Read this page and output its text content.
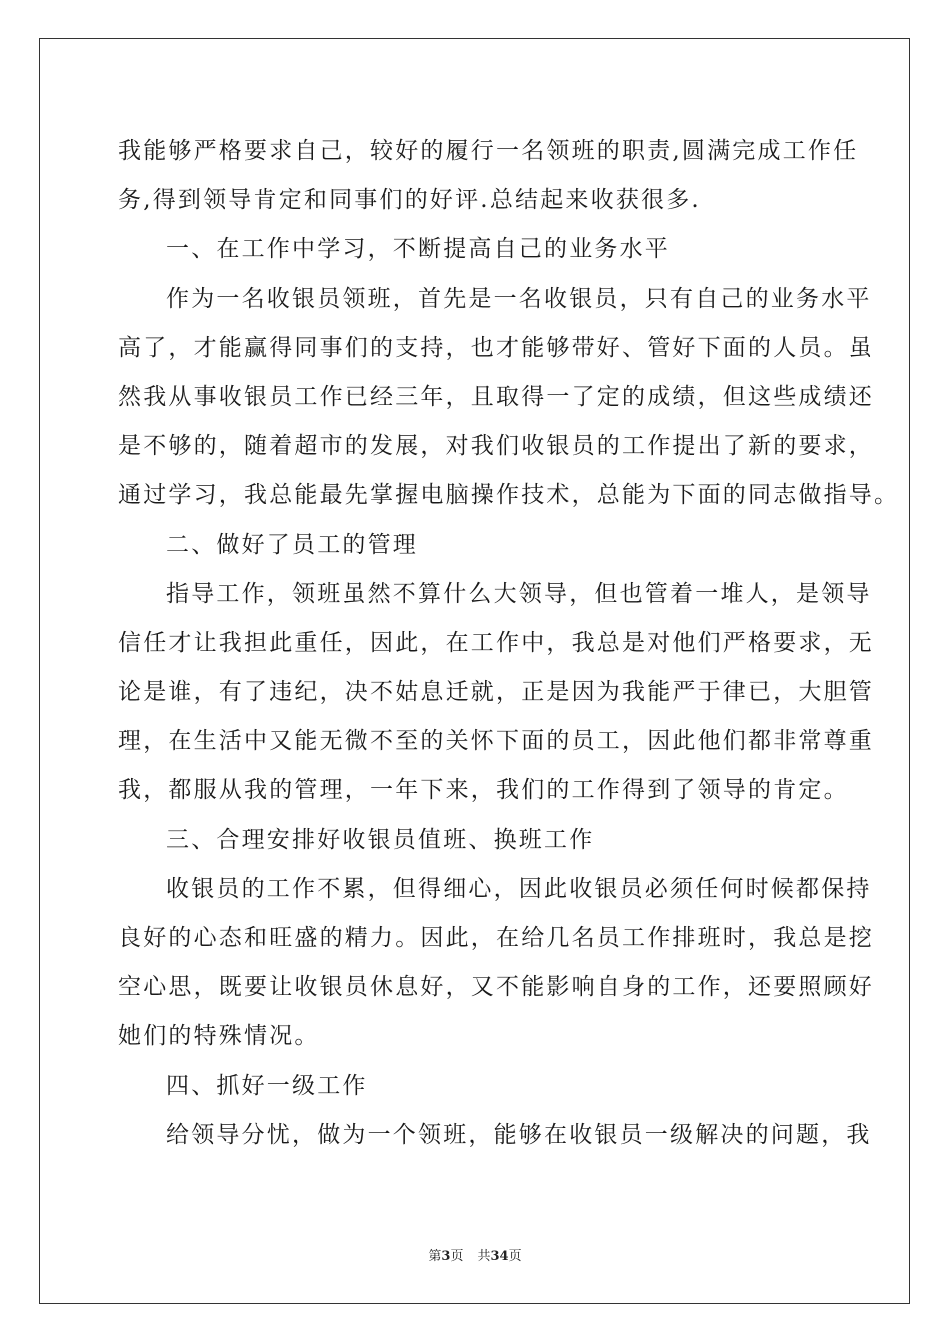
我能够严格要求自己，较好的履行一名领班的职责,圆满完成工作任
务,得到领导肯定和同事们的好评.总结起来收获很多.
一、在工作中学习，不断提高自己的业务水平
作为一名收银员领班，首先是一名收银员，只有自己的业务水平
高了，才能赢得同事们的支持，也才能够带好、管好下面的人员。虽
然我从事收银员工作已经三年，且取得一了定的成绩，但这些成绩还
是不够的，随着超市的发展，对我们收银员的工作提出了新的要求，
通过学习，我总能最先掌握电脑操作技术，总能为下面的同志做指导。
二、做好了员工的管理
指导工作，领班虽然不算什么大领导，但也管着一堆人，是领导
信任才让我担此重任，因此，在工作中，我总是对他们严格要求，无
论是谁，有了违纪，决不姑息迁就，正是因为我能严于律已，大胆管
理，在生活中又能无微不至的关怀下面的员工，因此他们都非常尊重
我，都服从我的管理，一年下来，我们的工作得到了领导的肯定。
三、合理安排好收银员值班、换班工作
收银员的工作不累，但得细心，因此收银员必须任何时候都保持
良好的心态和旺盛的精力。因此，在给几名员工作排班时，我总是挖
空心思，既要让收银员休息好，又不能影响自身的工作，还要照顾好
她们的特殊情况。
四、抓好一级工作
给领导分忧，做为一个领班，能够在收银员一级解决的问题，我
第3页 共34页
